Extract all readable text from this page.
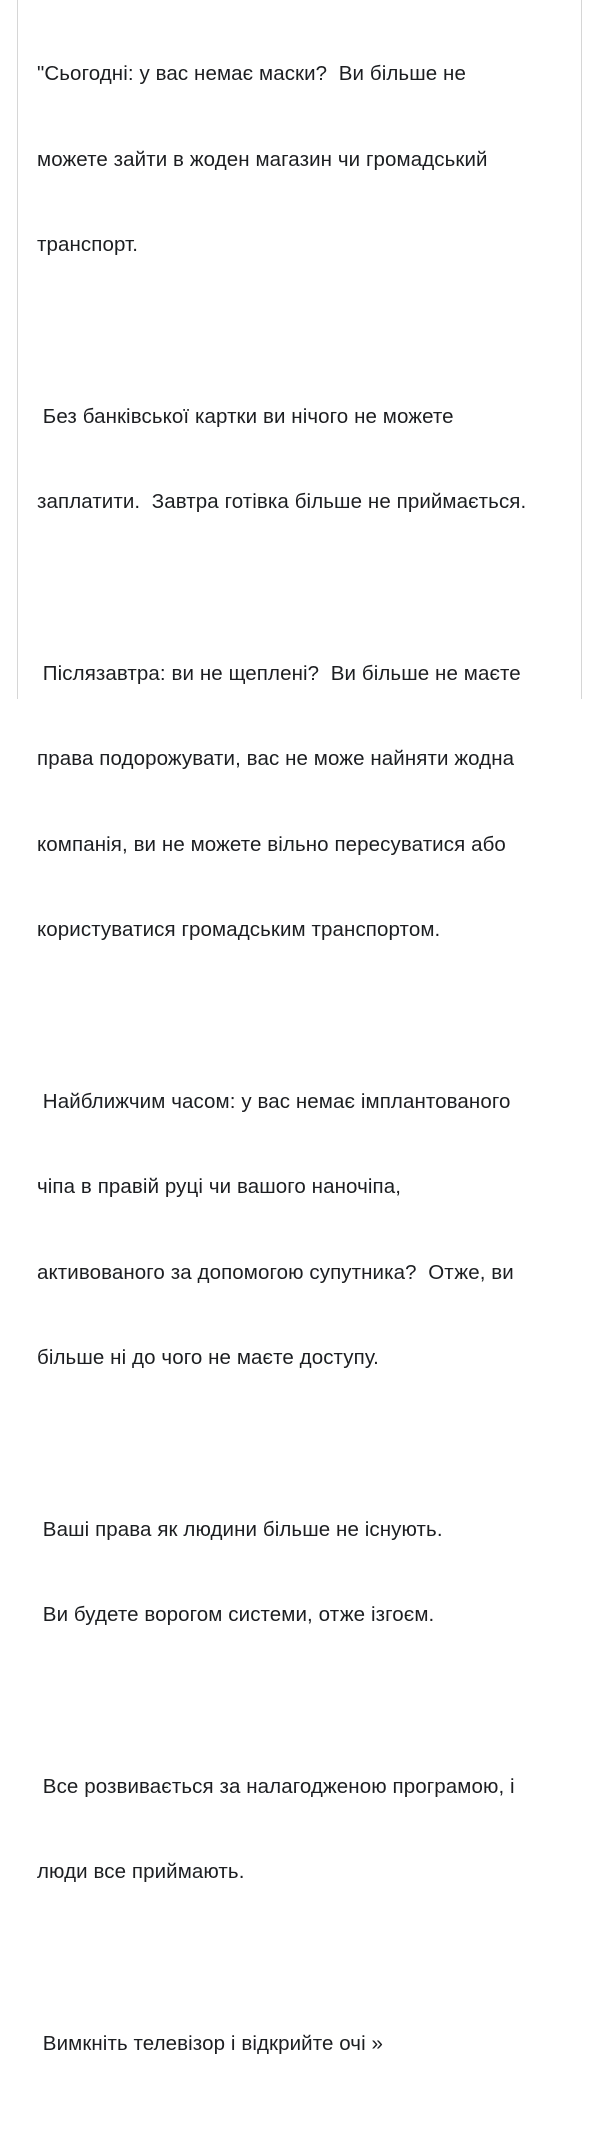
"Сьогодні: у вас немає маски?  Ви більше не

можете зайти в жоден магазин чи громадський

транспорт.

Без банківської картки ви нічого не можете

заплатити.  Завтра готівка більше не приймається.

Післязавтра: ви не щеплені?  Ви більше не маєте

права подорожувати, вас не може найняти жодна

компанія, ви не можете вільно пересуватися або

користуватися громадським транспортом.

Найближчим часом: у вас немає імплантованого

чіпа в правій руці чи вашого наночіпа,

активованого за допомогою супутника?  Отже, ви

більше ні до чого не маєте доступу.

Ваші права як людини більше не існують.

Ви будете ворогом системи, отже ізгоєм.

Все розвивається за налагодженою програмою, і

люди все приймають.

Вимкніть телевізор і відкрийте очі »
